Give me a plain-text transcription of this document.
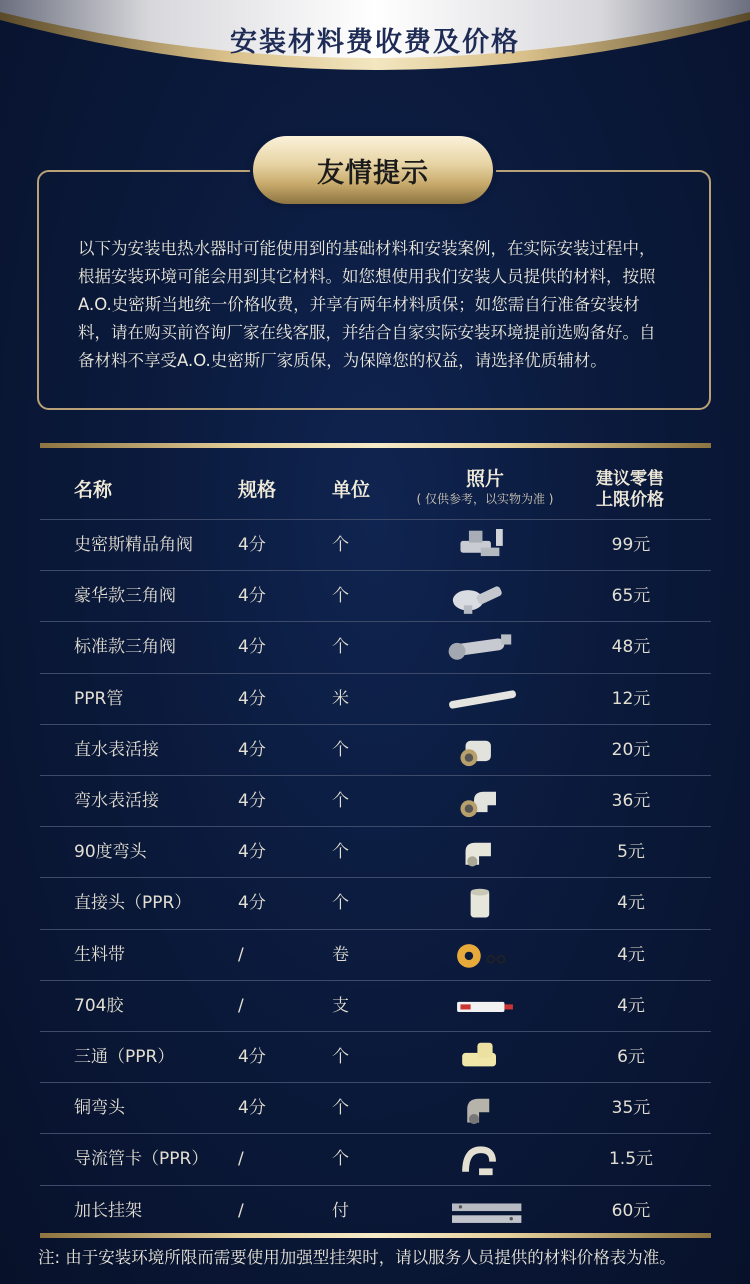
安装材料费收费及价格
友情提示
以下为安装电热水器时可能使用到的基础材料和安装案例，在实际安装过程中，
根据安装环境可能会用到其它材料。如您想使用我们安装人员提供的材料，按照
A.O.史密斯当地统一价格收费，并享有两年材料质保；如您需自行准备安装材
料，请在购买前咨询厂家在线客服，并结合自家实际安装环境提前选购备好。自
备材料不享受A.O.史密斯厂家质保，为保障您的权益，请选择优质辅材。
名称	规格	单位	照片
( 仅供参考，以实物为准 )
建议零售
上限价格
史密斯精品角阀	4分	个	99元
豪华款三角阀	4分	个	65元
标准款三角阀	4分	个	48元
PPR管	4分	米	12元
直水表活接	4分	个	20元
弯水表活接	4分	个	36元
90度弯头	4分	个	5元
直接头（PPR）	4分	个	4元
生料带	/	卷	4元
704胶	/	支	4元
三通（PPR）	4分	个	6元
铜弯头	4分	个	35元
导流管卡（PPR） /	个	1.5元
加长挂架	/	付	60元
注: 由于安装环境所限而需要使用加强型挂架时，请以服务人员提供的材料价格表为准。
